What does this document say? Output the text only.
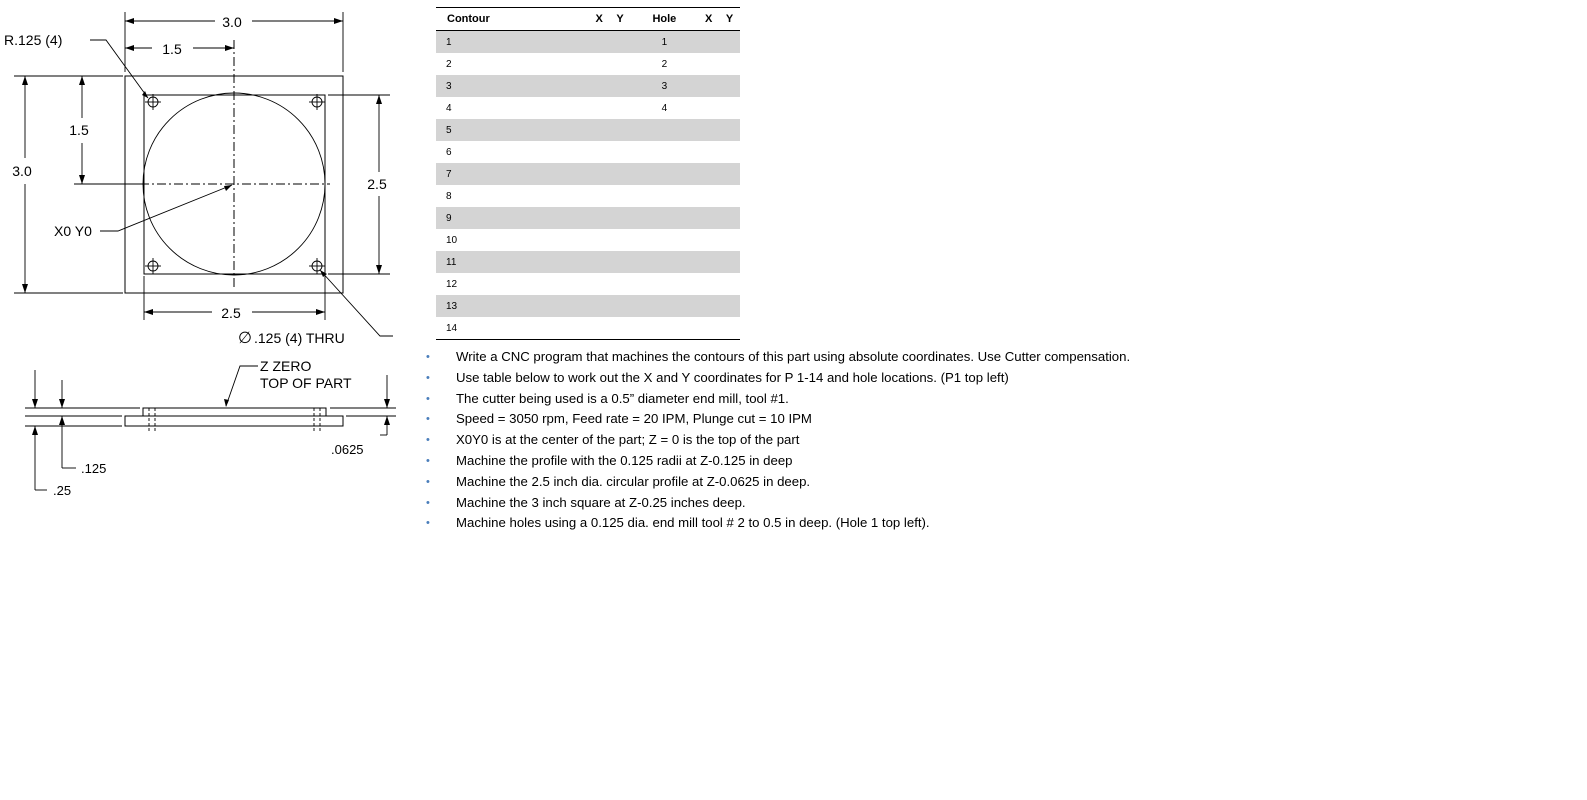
3.0
1.5
R.125 (4)
3.0
1.5
X0 Y0
2.5
2.5
∅ .125 (4) THRU
.25
.125
.0625
Z ZERO
TOP OF PART
Contour	X	Y	Hole	X	Y
1			1		
2			2		
3			3		
4			4		
5					
6					
7					
8					
9					
10					
11					
12					
13					
14					
• Write a CNC program that machines the contours of this part using absolute coordinates. Use Cutter compensation.
• Use table below to work out the X and Y coordinates for P 1-14 and hole locations. (P1 top left)
• The cutter being used is a 0.5” diameter end mill, tool #1.
• Speed = 3050 rpm, Feed rate = 20 IPM, Plunge cut = 10 IPM
• X0Y0 is at the center of the part; Z = 0 is the top of the part
• Machine the profile with the 0.125 radii at Z-0.125 in deep
• Machine the 2.5 inch dia. circular profile at Z-0.0625 in deep.
• Machine the 3 inch square at Z-0.25 inches deep.
• Machine holes using a 0.125 dia. end mill tool # 2 to 0.5 in deep. (Hole 1 top left).
